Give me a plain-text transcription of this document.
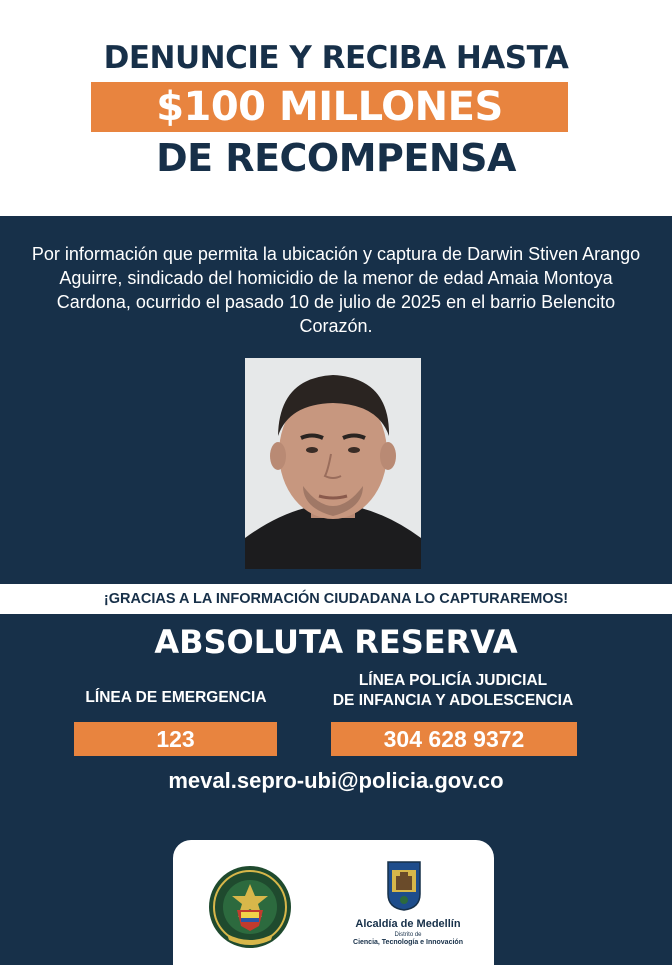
DENUNCIE Y RECIBA HASTA
$100 MILLONES
DE RECOMPENSA

Por información que permita la ubicación y captura de Darwin Stiven Arango Aguirre, sindicado del homicidio de la menor de edad Amaia Montoya Cardona, ocurrido el pasado 10 de julio de 2025 en el barrio Belencito Corazón.

¡GRACIAS A LA INFORMACIÓN CIUDADANA LO CAPTURAREMOS!
ABSOLUTA RESERVA
LÍNEA DE EMERGENCIA
LÍNEA POLICÍA JUDICIAL
DE INFANCIA Y ADOLESCENCIA
123	304 628 9372
meval.sepro-ubi@policia.gov.co
Alcaldía de Medellín
Distrito de
Ciencia, Tecnología e Innovación
